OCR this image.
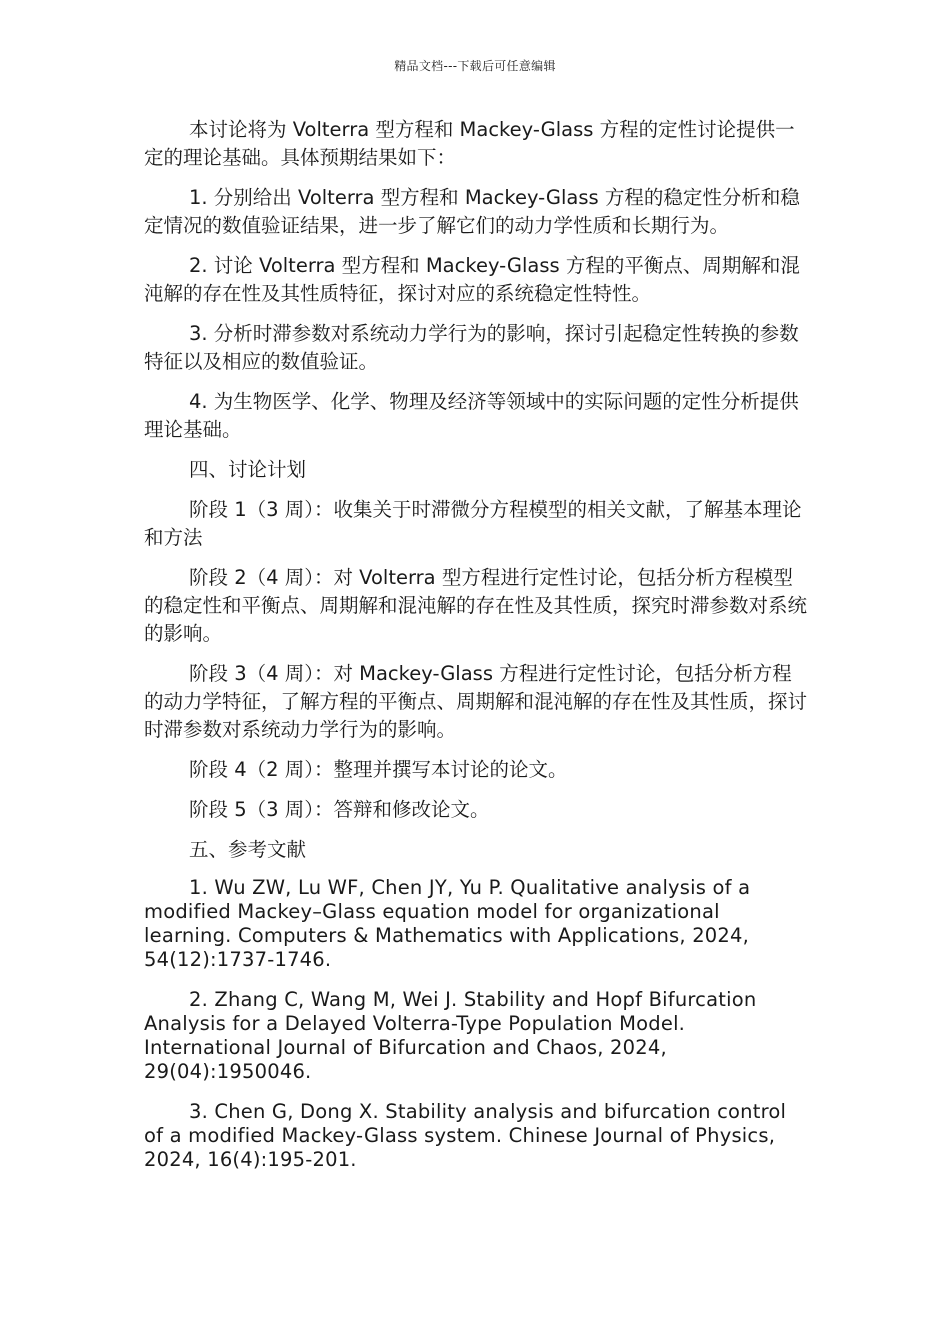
精品文档---下载后可任意编辑

本讨论将为 Volterra 型方程和 Mackey-Glass 方程的定性讨论提供一定的理论基础。具体预期结果如下：

1. 分别给出 Volterra 型方程和 Mackey-Glass 方程的稳定性分析和稳定情况的数值验证结果，进一步了解它们的动力学性质和长期行为。

2. 讨论 Volterra 型方程和 Mackey-Glass 方程的平衡点、周期解和混沌解的存在性及其性质特征，探讨对应的系统稳定性特性。

3. 分析时滞参数对系统动力学行为的影响，探讨引起稳定性转换的参数特征以及相应的数值验证。

4. 为生物医学、化学、物理及经济等领域中的实际问题的定性分析提供理论基础。

四、讨论计划

阶段 1（3 周）：收集关于时滞微分方程模型的相关文献，了解基本理论和方法

阶段 2（4 周）：对 Volterra 型方程进行定性讨论，包括分析方程模型的稳定性和平衡点、周期解和混沌解的存在性及其性质，探究时滞参数对系统的影响。

阶段 3（4 周）：对 Mackey-Glass 方程进行定性讨论，包括分析方程的动力学特征，了解方程的平衡点、周期解和混沌解的存在性及其性质，探讨时滞参数对系统动力学行为的影响。

阶段 4（2 周）：整理并撰写本讨论的论文。

阶段 5（3 周）：答辩和修改论文。

五、参考文献

1. Wu ZW, Lu WF, Chen JY, Yu P. Qualitative analysis of a modified Mackey–Glass equation model for organizational learning. Computers & Mathematics with Applications, 2024, 54(12):1737-1746.

2. Zhang C, Wang M, Wei J. Stability and Hopf Bifurcation Analysis for a Delayed Volterra-Type Population Model. International Journal of Bifurcation and Chaos, 2024, 29(04):1950046.

3. Chen G, Dong X. Stability analysis and bifurcation control of a modified Mackey-Glass system. Chinese Journal of Physics, 2024, 16(4):195-201.
